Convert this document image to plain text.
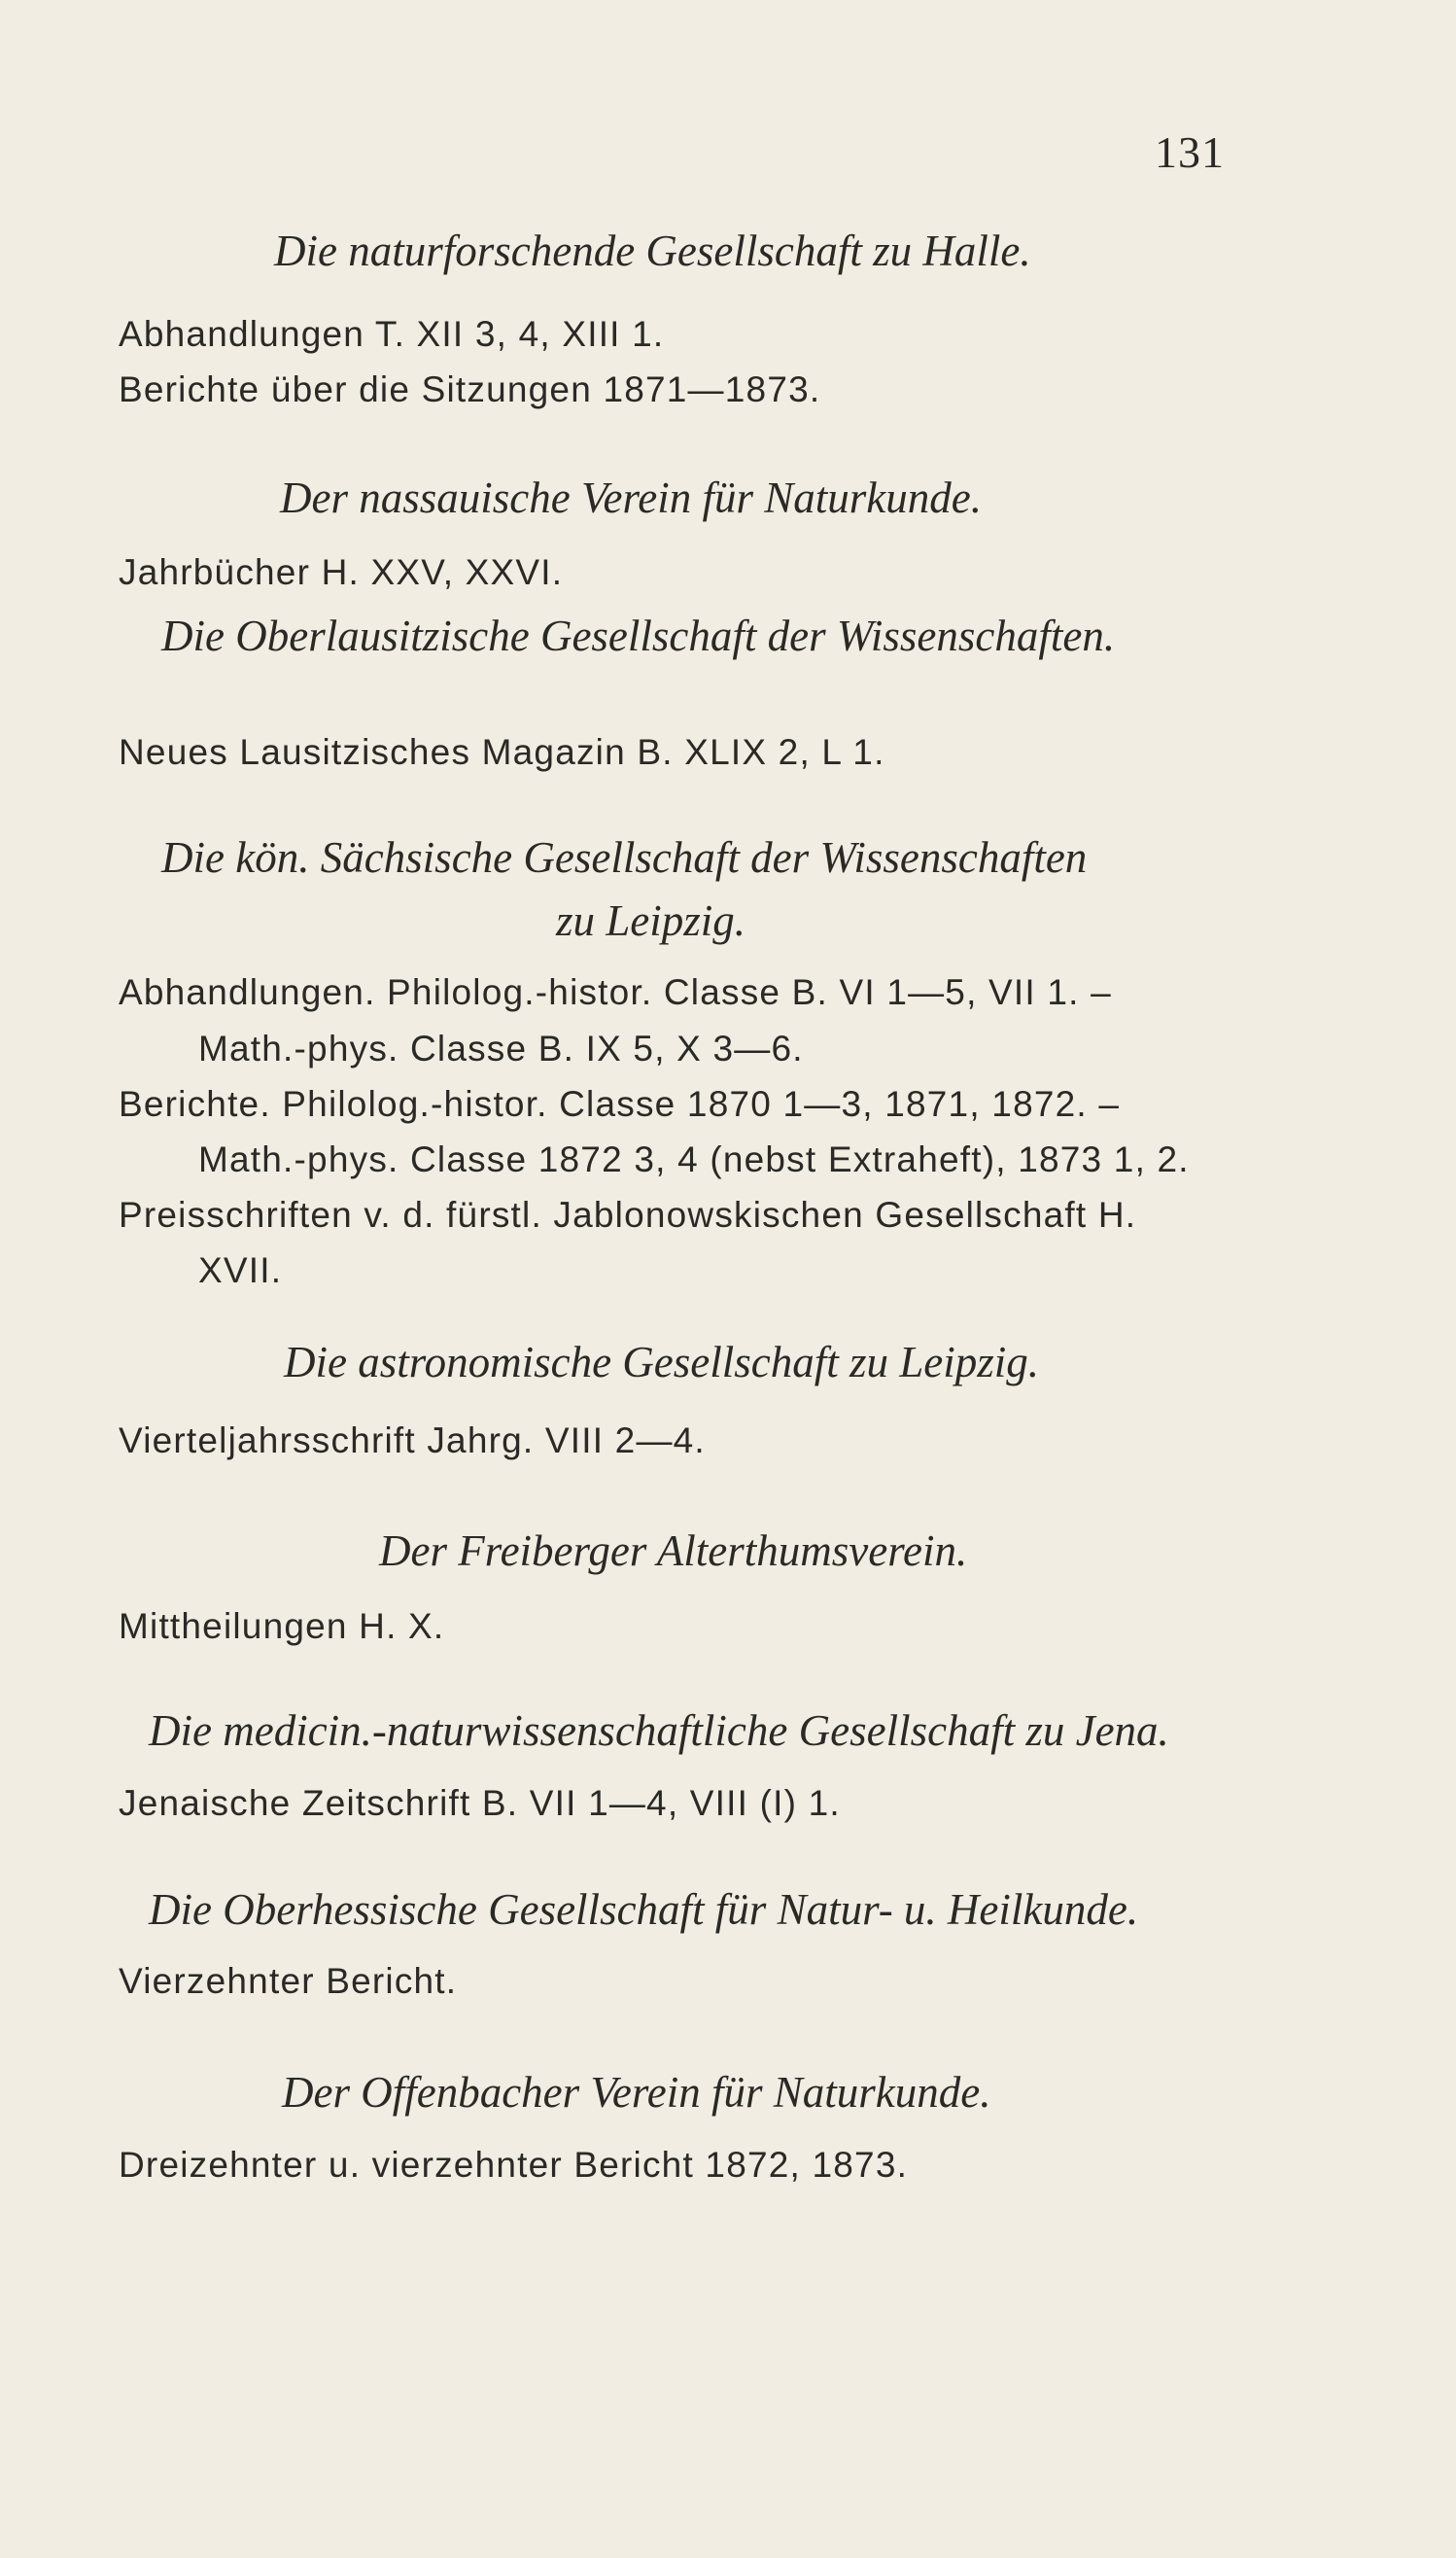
131
Die naturforschende Gesellschaft zu Halle.
Abhandlungen T. XII 3, 4, XIII 1.
Berichte über die Sitzungen 1871—1873.
Der nassauische Verein für Naturkunde.
Jahrbücher H. XXV, XXVI.
Die Oberlausitzische Gesellschaft der Wissenschaften.
Neues Lausitzisches Magazin B. XLIX 2, L 1.
Die kön. Sächsische Gesellschaft der Wissenschaften
zu Leipzig.
Abhandlungen. Philolog.-histor. Classe B. VI 1—5, VII 1. –
Math.-phys. Classe B. IX 5, X 3—6.
Berichte. Philolog.-histor. Classe 1870 1—3, 1871, 1872. –
Math.-phys. Classe 1872 3, 4 (nebst Extraheft), 1873 1, 2.
Preisschriften v. d. fürstl. Jablonowskischen Gesellschaft H.
XVII.
Die astronomische Gesellschaft zu Leipzig.
Vierteljahrsschrift Jahrg. VIII 2—4.
Der Freiberger Alterthumsverein.
Mittheilungen H. X.
Die medicin.-naturwissenschaftliche Gesellschaft zu Jena.
Jenaische Zeitschrift B. VII 1—4, VIII (I) 1.
Die Oberhessische Gesellschaft für Natur- u. Heilkunde.
Vierzehnter Bericht.
Der Offenbacher Verein für Naturkunde.
Dreizehnter u. vierzehnter Bericht 1872, 1873.
